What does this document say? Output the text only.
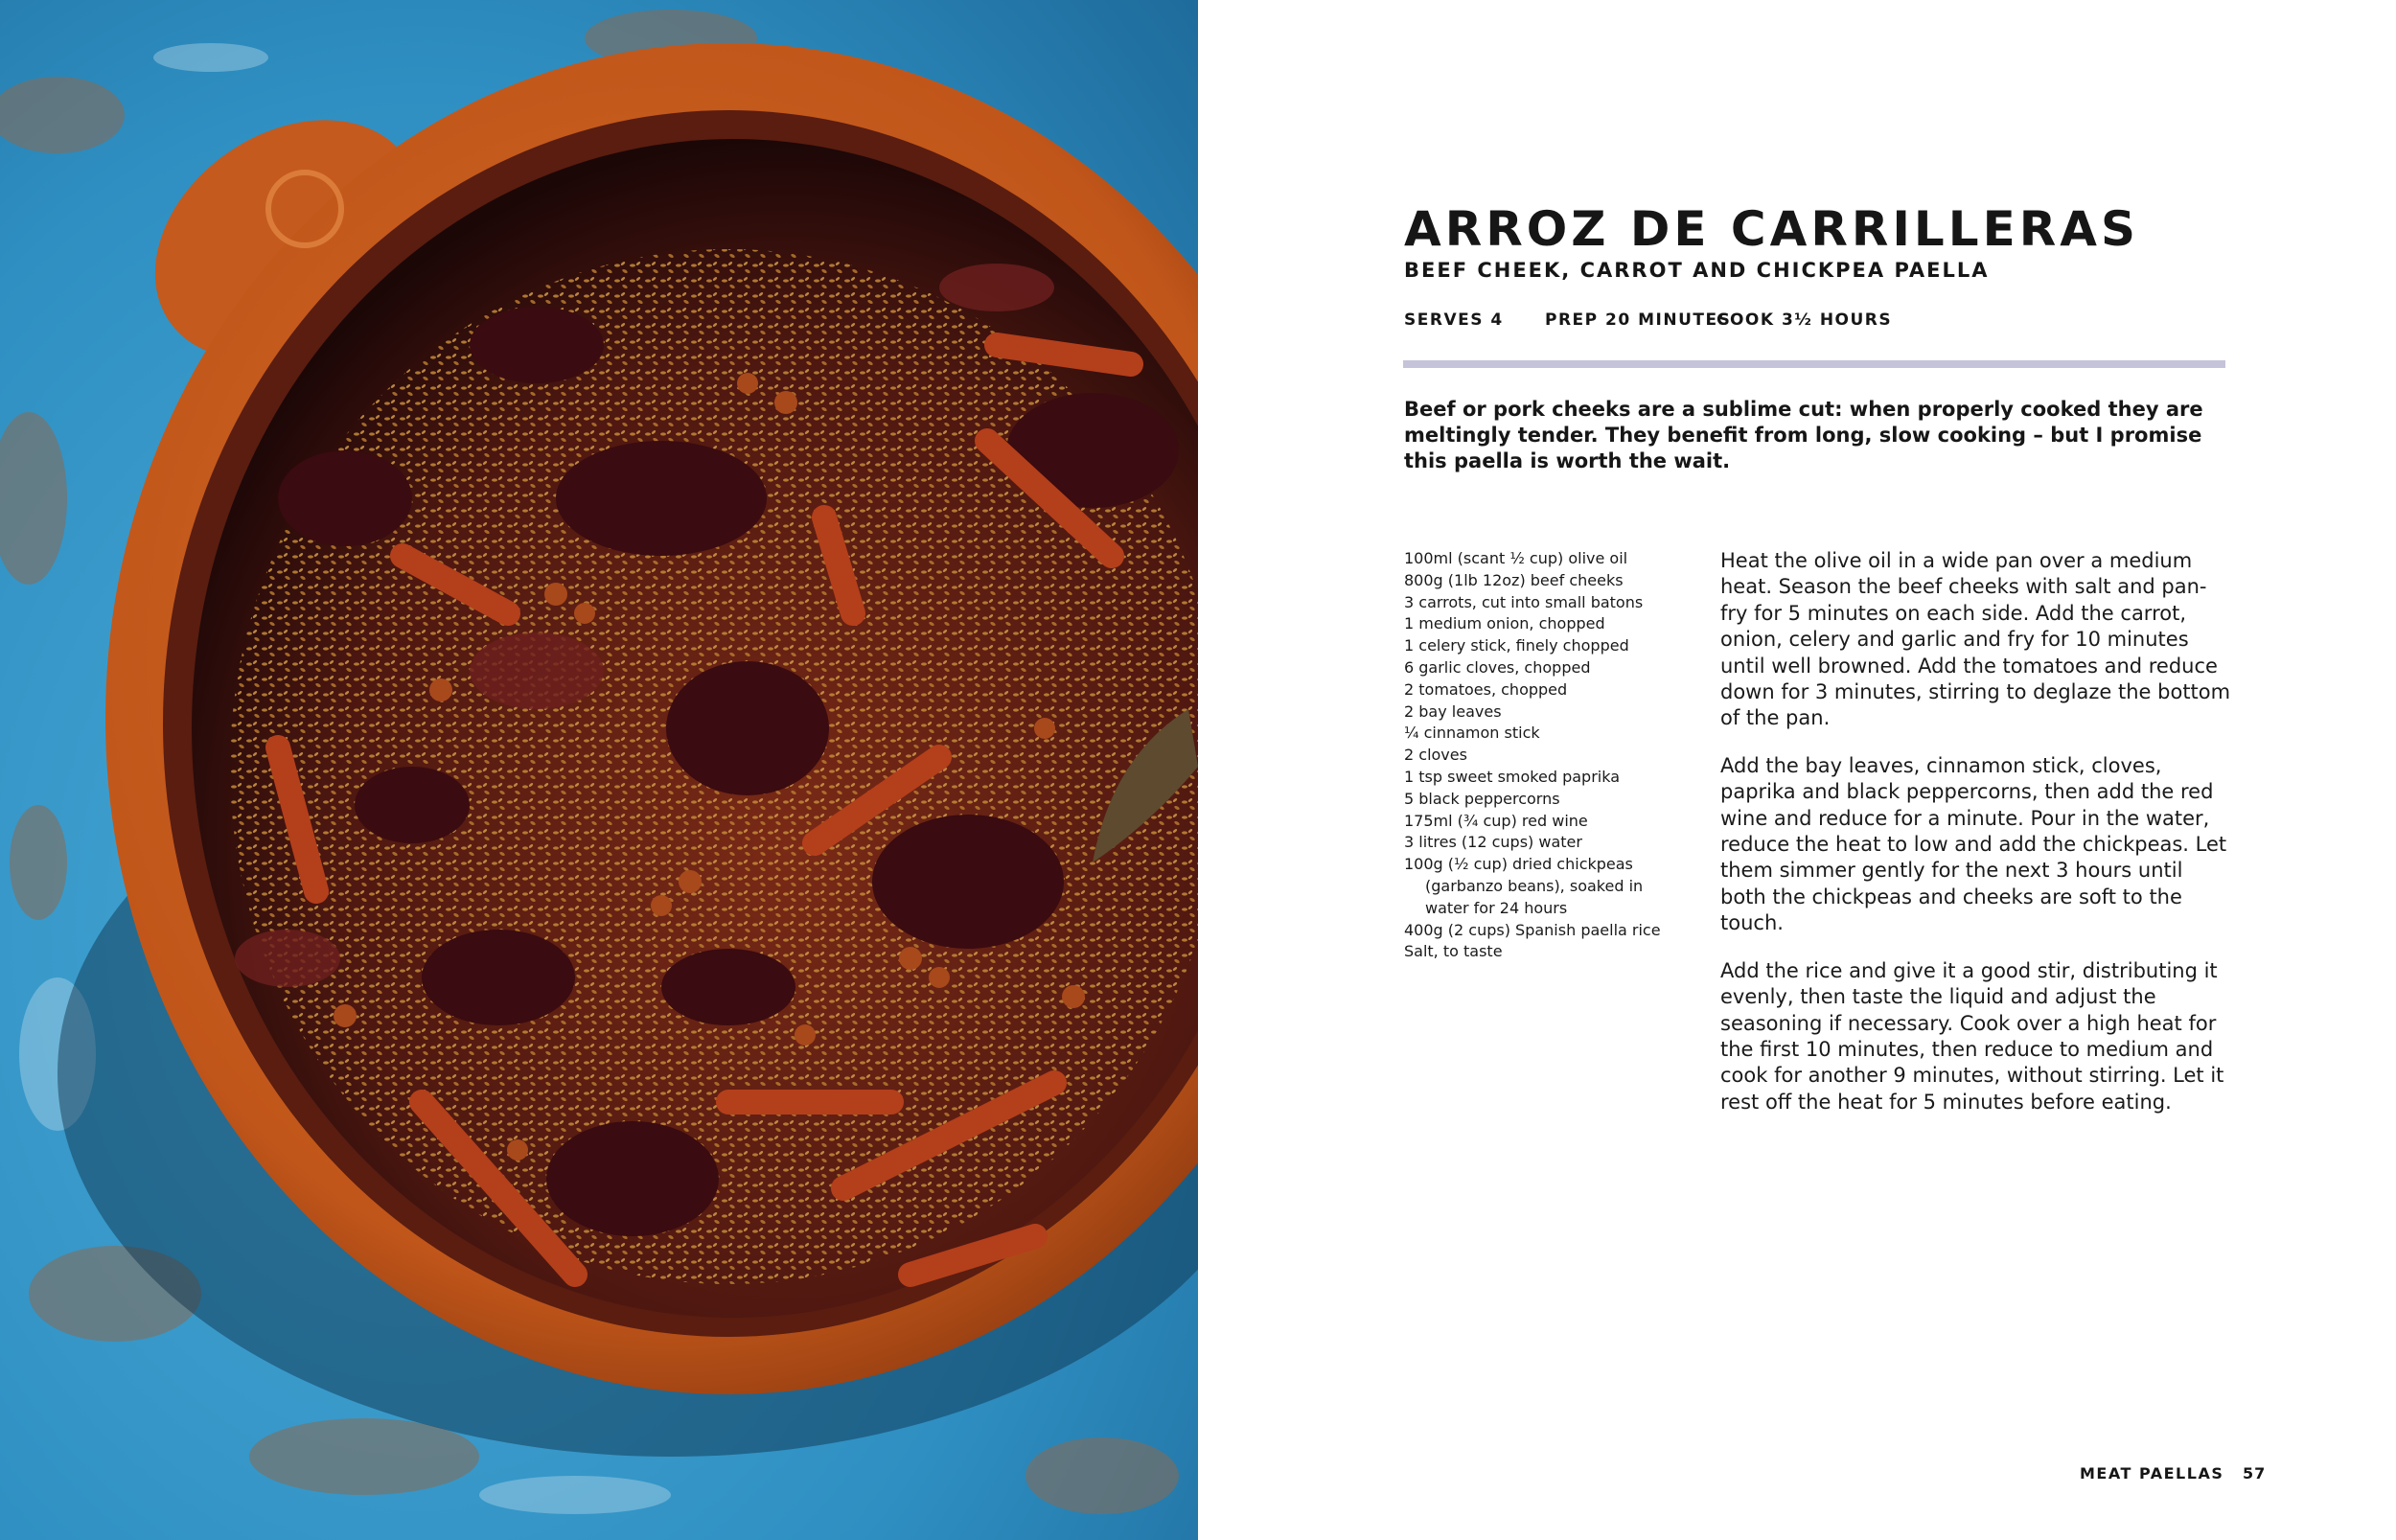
ARROZ DE CARRILLERAS
BEEF CHEEK, CARROT AND CHICKPEA PAELLA

SERVES 4	PREP 20 MINUTES

COOK 3½ HOURS

Beef or pork cheeks are a sublime cut: when properly cooked they are meltingly tender. They benefit from long, slow cooking – but I promise this paella is worth the wait.

100ml (scant ½ cup) olive oil
800g (1lb 12oz) beef cheeks
3 carrots, cut into small batons
1 medium onion, chopped
1 celery stick, finely chopped
6 garlic cloves, chopped
2 tomatoes, chopped
2 bay leaves
¼ cinnamon stick
2 cloves
1 tsp sweet smoked paprika
5 black peppercorns
175ml (¾ cup) red wine
3 litres (12 cups) water
100g (½ cup) dried chickpeas
(garbanzo beans), soaked in
water for 24 hours
400g (2 cups) Spanish paella rice
Salt, to taste

Heat the olive oil in a wide pan over a medium heat. Season the beef cheeks with salt and pan-fry for 5 minutes on each side. Add the carrot, onion, celery and garlic and fry for 10 minutes until well browned. Add the tomatoes and reduce down for 3 minutes, stirring to deglaze the bottom of the pan.

Add the bay leaves, cinnamon stick, cloves, paprika and black peppercorns, then add the red wine and reduce for a minute. Pour in the water, reduce the heat to low and add the chickpeas. Let them simmer gently for the next 3 hours until both the chickpeas and cheeks are soft to the touch.

Add the rice and give it a good stir, distributing it evenly, then taste the liquid and adjust the seasoning if necessary. Cook over a high heat for the first 10 minutes, then reduce to medium and cook for another 9 minutes, without stirring. Let it rest off the heat for 5 minutes before eating.

MEAT PAELLAS 57
